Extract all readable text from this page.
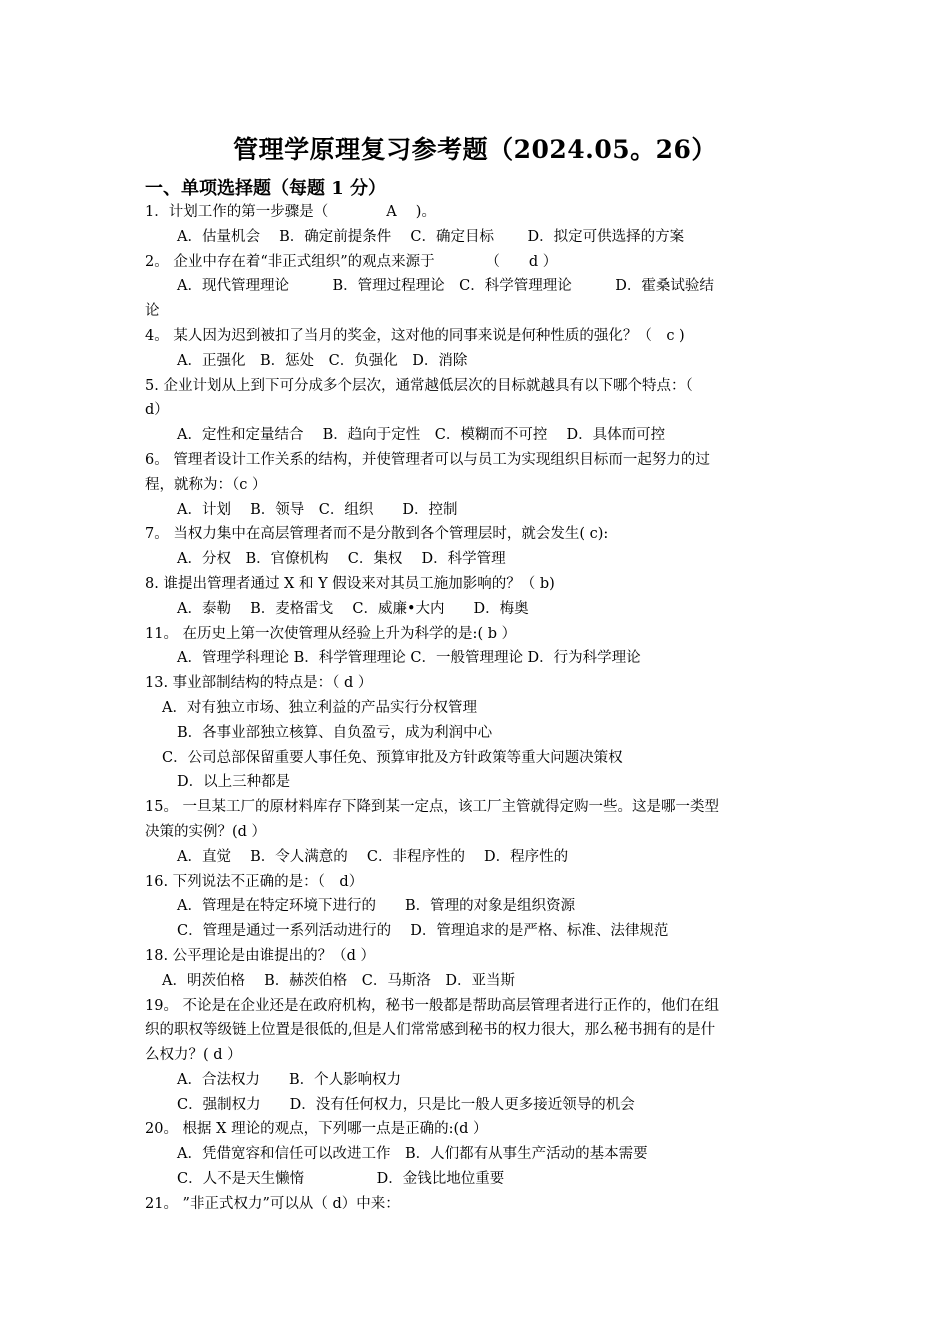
管理学原理复习参考题（2024.05。26）
一、单项选择题（每题 1 分）
1．计划工作的第一步骤是（　　　　A　 )。
A．估量机会　 B．确定前提条件　 C．确定目标　　 D．拟定可供选择的方案
2。 企业中存在着“非正式组织”的观点来源于　　　　（　　d ）
A．现代管理理论　　　B．管理过程理论　C．科学管理理论　　　D．霍桑试验结
论
4。 某人因为迟到被扣了当月的奖金，这对他的同事来说是何种性质的强化？（　c )
A．正强化　B．惩处　C．负强化　D．消除
5. 企业计划从上到下可分成多个层次，通常越低层次的目标就越具有以下哪个特点：（
d）
A．定性和定量结合　 B．趋向于定性　C．模糊而不可控　 D．具体而可控
6。 管理者设计工作关系的结构，并使管理者可以与员工为实现组织目标而一起努力的过
程，就称为：（c ）
A．计划　 B．领导　C．组织　　D．控制
7。 当权力集中在高层管理者而不是分散到各个管理层时，就会发生( c):
A．分权　B．官僚机构　 C．集权　 D．科学管理
8. 谁提出管理者通过 X 和 Y 假设来对其员工施加影响的？（ b)
A．泰勒　 B．麦格雷戈　 C．威廉•大内　　D．梅奥
11。 在历史上第一次使管理从经验上升为科学的是:( b ）
A．管理学科理论 B．科学管理理论 C．一般管理理论 D．行为科学理论
13. 事业部制结构的特点是：（ d ）
A．对有独立市场、独立利益的产品实行分权管理
B．各事业部独立核算、自负盈亏，成为利润中心
C．公司总部保留重要人事任免、预算审批及方针政策等重大问题决策权
D．以上三种都是
15。 一旦某工厂的原材料库存下降到某一定点，该工厂主管就得定购一些。这是哪一类型
决策的实例？(d ）
A．直觉　 B．令人满意的　 C．非程序性的　 D．程序性的
16. 下列说法不正确的是：（　d）
A．管理是在特定环境下进行的　　B．管理的对象是组织资源
C．管理是通过一系列活动进行的　 D．管理追求的是严格、标准、法律规范
18. 公平理论是由谁提出的？（d ）
A．明茨伯格　 B．赫茨伯格　C．马斯洛　D．亚当斯
19。 不论是在企业还是在政府机构，秘书一般都是帮助高层管理者进行正作的，他们在组
织的职权等级链上位置是很低的,但是人们常常感到秘书的权力很大，那么秘书拥有的是什
么权力？( d ）
A．合法权力　　B．个人影响权力
C．强制权力　　D．没有任何权力，只是比一般人更多接近领导的机会
20。 根据 X 理论的观点，下列哪一点是正确的:(d ）
A．凭借宽容和信任可以改进工作　B．人们都有从事生产活动的基本需要
C．人不是天生懒惰　　　　　D．金钱比地位重要
21。 ”非正式权力”可以从（ d）中来：
